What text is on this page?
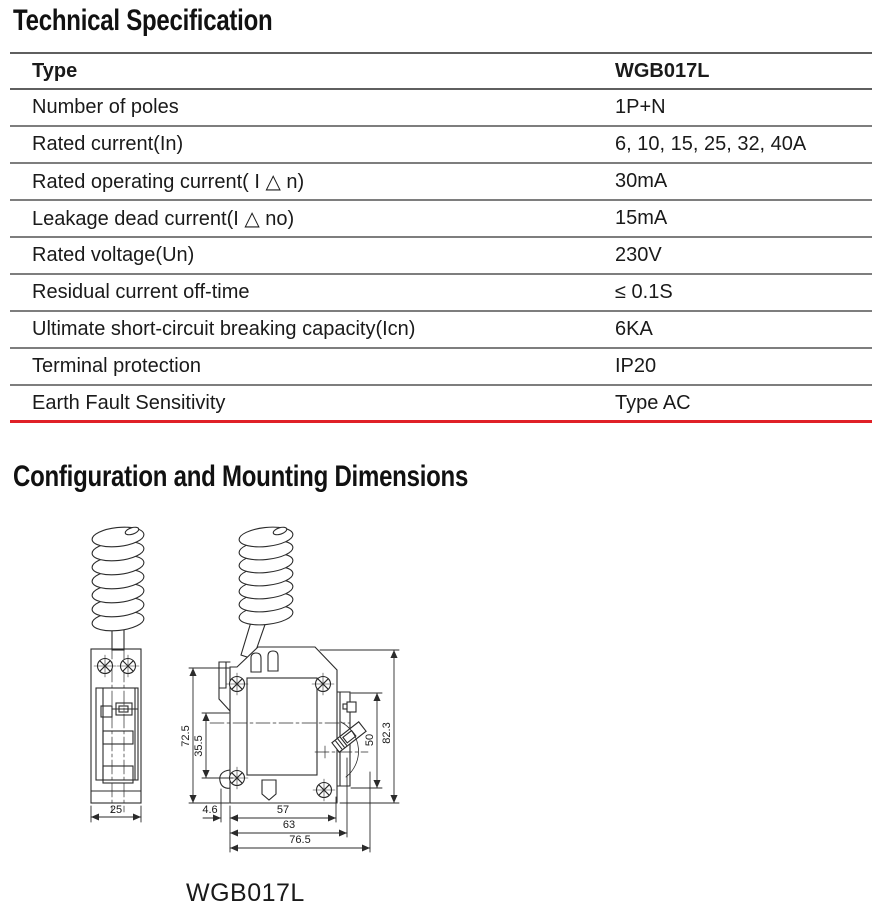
Technical Specification
Type	WGB017L
Number of poles	1P+N
Rated current(In)	6, 10, 15, 25, 32, 40A
Rated operating current( I △ n)	30mA
Leakage dead current(I △ no)	15mA
Rated voltage(Un)	230V
Residual current off-time	≤ 0.1S
Ultimate short-circuit breaking capacity(Icn)	6KA
Terminal protection	IP20
Earth Fault Sensitivity	Type AC
Configuration and Mounting Dimensions
25
72.5 35.5	50 82.3
4.6	57
63
76.5
WGB017L
